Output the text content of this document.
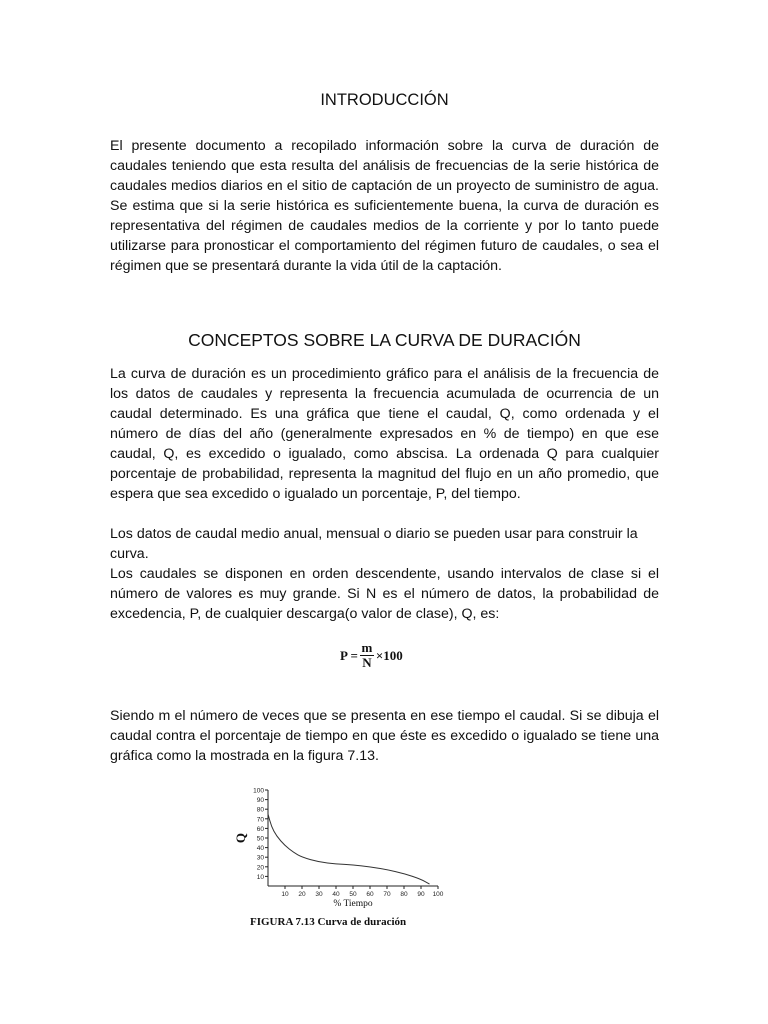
INTRODUCCIÓN

El presente documento a recopilado información sobre la curva de duración de caudales teniendo que esta resulta del análisis de frecuencias de la serie histórica de caudales medios diarios en el sitio de captación de un proyecto de suministro de agua. Se estima que si la serie histórica es suficientemente buena, la curva de duración es representativa del régimen de caudales medios de la corriente y por lo tanto puede utilizarse para pronosticar el comportamiento del régimen futuro de caudales, o sea el régimen que se presentará durante la vida útil de la captación.

CONCEPTOS SOBRE LA CURVA DE DURACIÓN

La curva de duración es un procedimiento gráfico para el análisis de la frecuencia de los datos de caudales y representa la frecuencia acumulada de ocurrencia de un caudal determinado. Es una gráfica que tiene el caudal, Q, como ordenada y el número de días del año (generalmente expresados en % de tiempo) en que ese caudal, Q, es excedido o igualado, como abscisa. La ordenada Q para cualquier porcentaje de probabilidad, representa la magnitud del flujo en un año promedio, que espera que sea excedido o igualado un porcentaje, P, del tiempo.

Los datos de caudal medio anual, mensual o diario se pueden usar para construir la curva.

Los caudales se disponen en orden descendente, usando intervalos de clase si el número de valores es muy grande. Si N es el número de datos, la probabilidad de excedencia, P, de cualquier descarga(o valor de clase), Q, es:

$P = \frac{m}{N} \times 100$

Siendo m el número de veces que se presenta en ese tiempo el caudal. Si se dibuja el caudal contra el porcentaje de tiempo en que éste es excedido o igualado se tiene una gráfica como la mostrada en la figura 7.13.

10
20
30
40
50
60
70
80
90
100
10 20 30 40 50 60 70 80 90 100
Q
% Tiempo
FIGURA 7.13 Curva de duración
